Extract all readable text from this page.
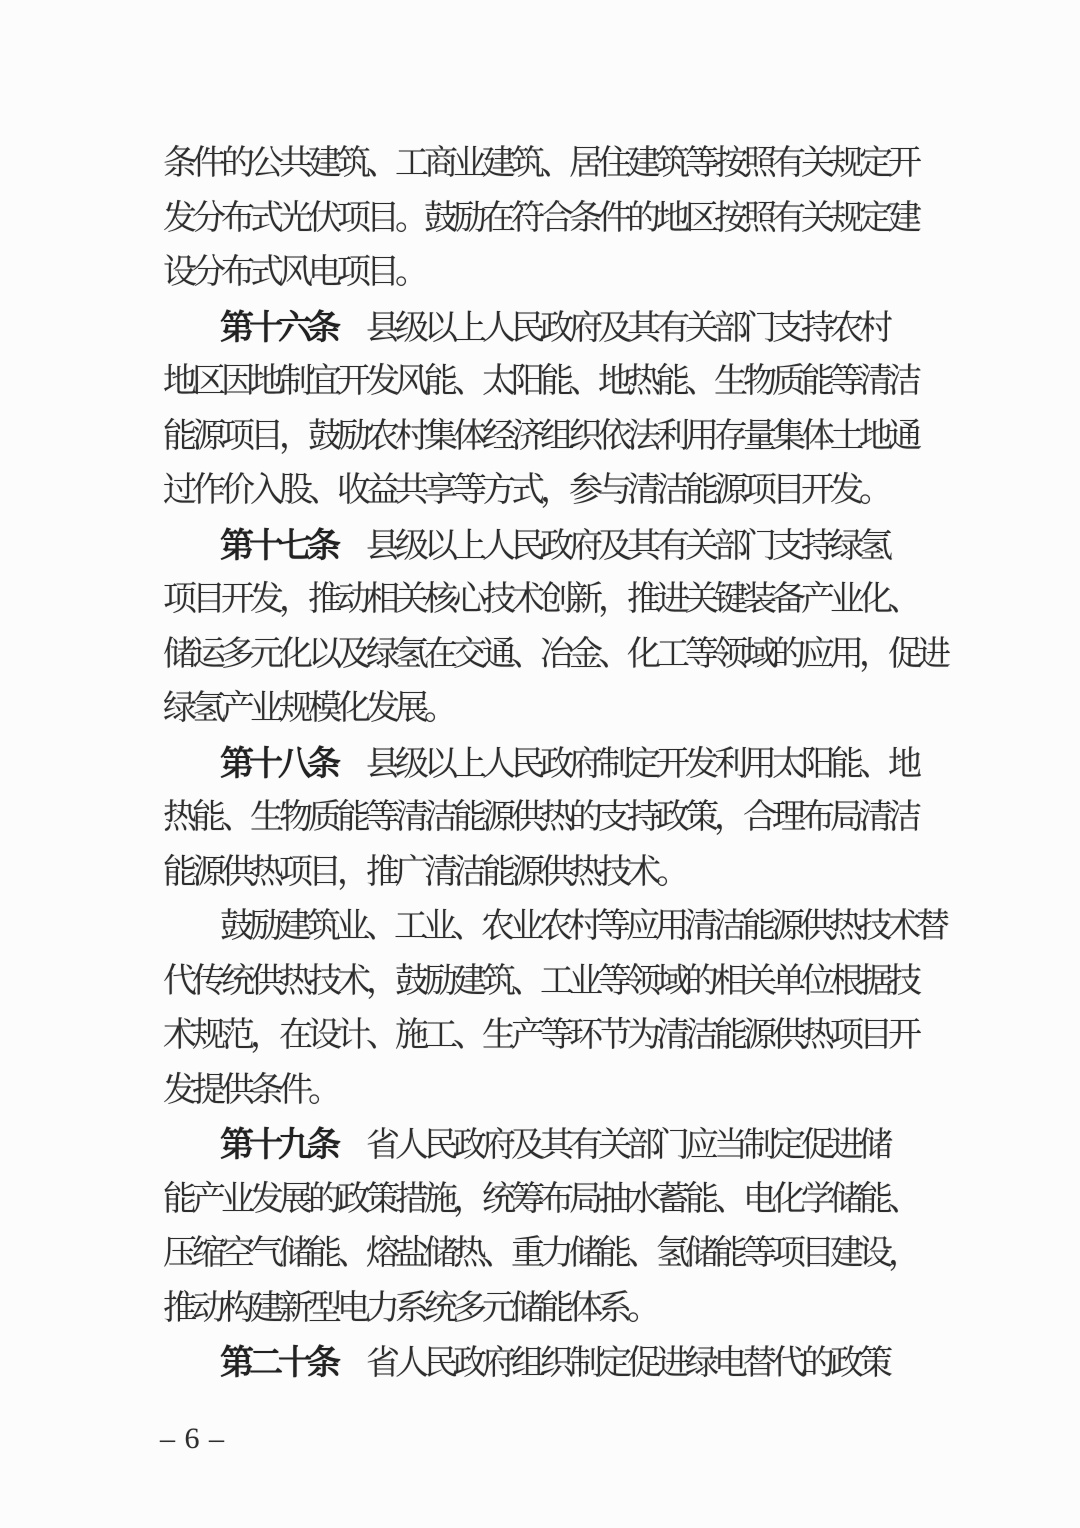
条件的公共建筑、工商业建筑、居住建筑等按照有关规定开
发分布式光伏项目。鼓励在符合条件的地区按照有关规定建
设分布式风电项目。
第十六条 县级以上人民政府及其有关部门支持农村
地区因地制宜开发风能、太阳能、地热能、生物质能等清洁
能源项目，鼓励农村集体经济组织依法利用存量集体土地通
过作价入股、收益共享等方式，参与清洁能源项目开发。
第十七条 县级以上人民政府及其有关部门支持绿氢
项目开发，推动相关核心技术创新，推进关键装备产业化、
储运多元化以及绿氢在交通、冶金、化工等领域的应用，促进
绿氢产业规模化发展。
第十八条 县级以上人民政府制定开发利用太阳能、地
热能、生物质能等清洁能源供热的支持政策，合理布局清洁
能源供热项目，推广清洁能源供热技术。
鼓励建筑业、工业、农业农村等应用清洁能源供热技术替
代传统供热技术，鼓励建筑、工业等领域的相关单位根据技
术规范，在设计、施工、生产等环节为清洁能源供热项目开
发提供条件。
第十九条 省人民政府及其有关部门应当制定促进储
能产业发展的政策措施，统筹布局抽水蓄能、电化学储能、
压缩空气储能、熔盐储热、重力储能、氢储能等项目建设，
推动构建新型电力系统多元储能体系。
第二十条 省人民政府组织制定促进绿电替代的政策
– 6 –
